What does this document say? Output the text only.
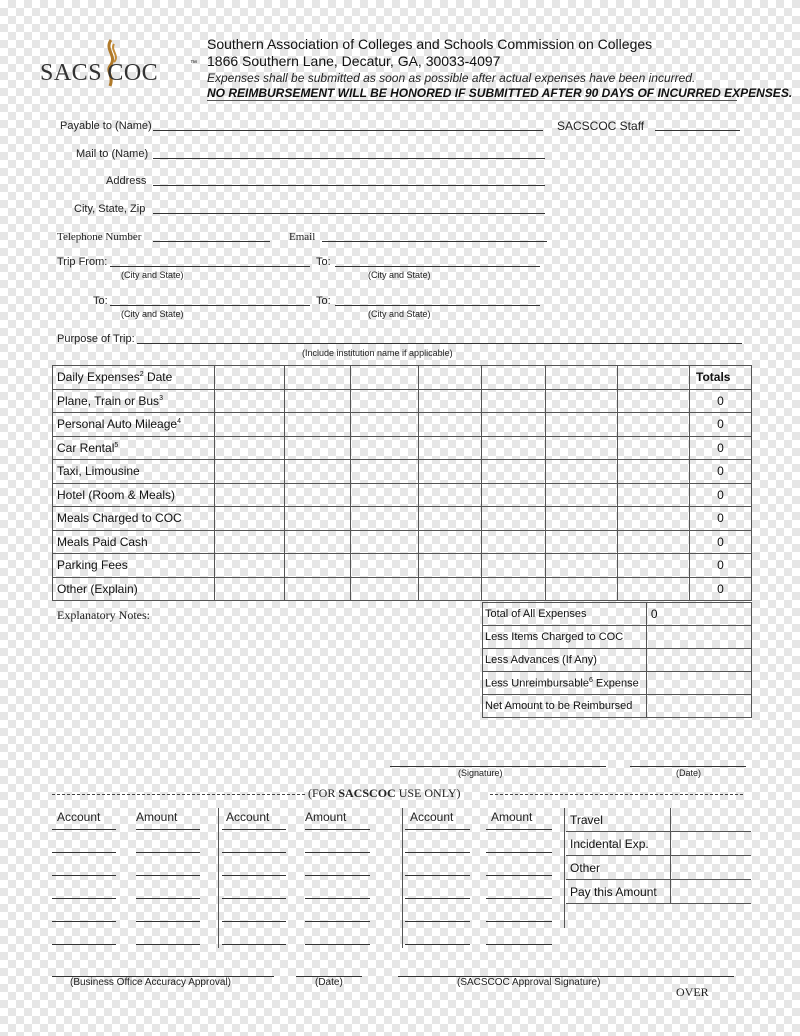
SACS COC	™
Southern Association of Colleges and Schools Commission on Colleges
1866 Southern Lane, Decatur, GA, 30033-4097
Expenses shall be submitted as soon as possible after actual expenses have been incurred.
NO REIMBURSEMENT WILL BE HONORED IF SUBMITTED AFTER 90 DAYS OF INCURRED EXPENSES.
Payable to (Name)	SACSCOC Staff
Mail to (Name)
Address
City, State, Zip
Telephone Number	Email
Trip From:
(City and State)
To:
(City and State)
To:
(City and State)
To:
(City and State)
Purpose of Trip:
(Include institution name if applicable)
Daily Expenses$^2$ Date								Totals
Plane, Train or Bus$^3$								0
Personal Auto Mileage$^4$								0
Car Rental$^5$								0
Taxi, Limousine								0
Hotel (Room & Meals)								0
Meals Charged to COC								0
Meals Paid Cash								0
Parking Fees								0
Other (Explain)								0
Explanatory Notes:	Total of All Expenses	0
Less Items Charged to COC	
Less Advances (If Any)	
Less Unreimbursable$^6$ Expense	
Net Amount to be Reimbursed	
(Signature)	(Date)
(FOR SACSCOC USE ONLY)
Account	Amount	Account	Amount	Account	Amount	Travel	
Incidental Exp.	
Other	
Pay this Amount	
(Business Office Accuracy Approval)	(Date)	(SACSCOC Approval Signature)
OVER
